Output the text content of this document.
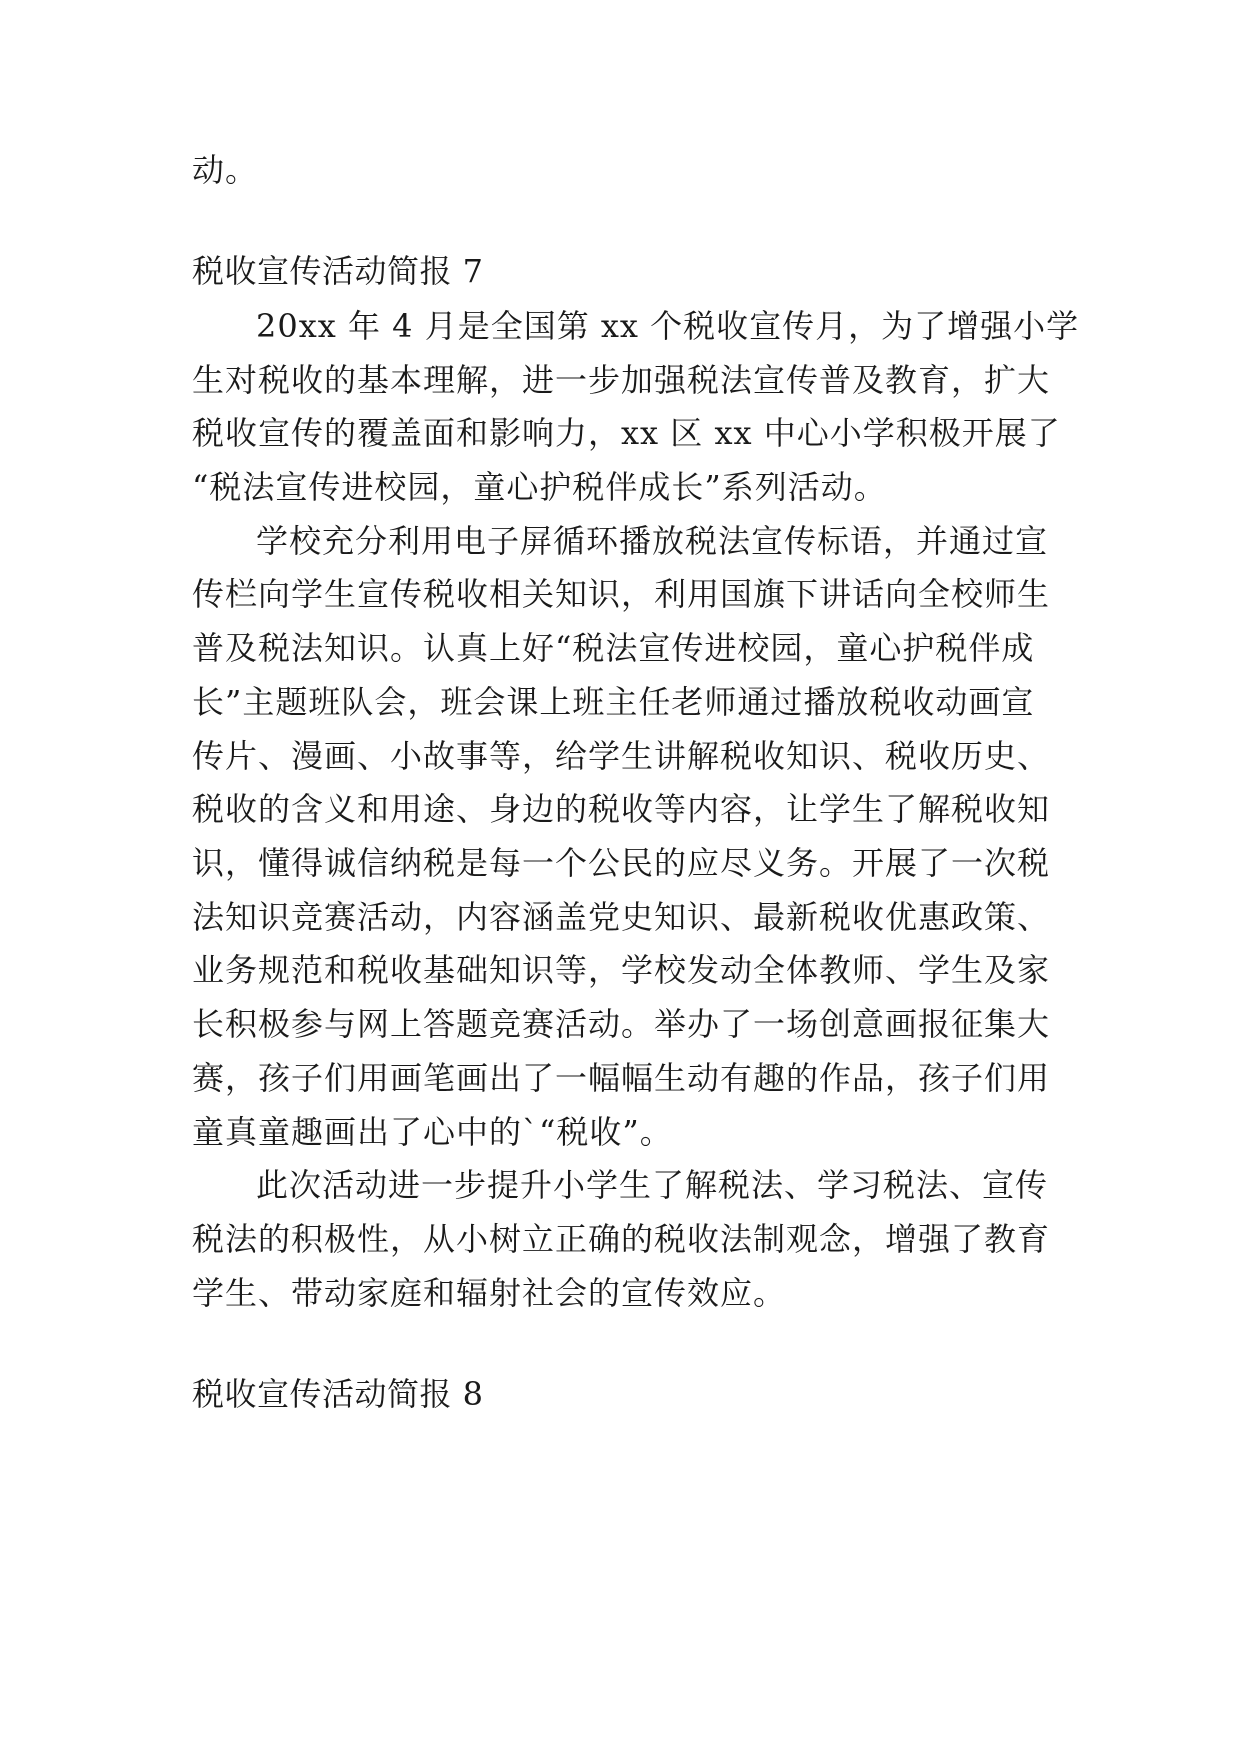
动。
税收宣传活动简报 7
20xx 年 4 月是全国第 xx 个税收宣传月，为了增强小学
生对税收的基本理解，进一步加强税法宣传普及教育，扩大
税收宣传的覆盖面和影响力，xx 区 xx 中心小学积极开展了
“税法宣传进校园，童心护税伴成长”系列活动。
学校充分利用电子屏循环播放税法宣传标语，并通过宣
传栏向学生宣传税收相关知识，利用国旗下讲话向全校师生
普及税法知识。认真上好“税法宣传进校园，童心护税伴成
长”主题班队会，班会课上班主任老师通过播放税收动画宣
传片、漫画、小故事等，给学生讲解税收知识、税收历史、
税收的含义和用途、身边的税收等内容，让学生了解税收知
识，懂得诚信纳税是每一个公民的应尽义务。开展了一次税
法知识竞赛活动，内容涵盖党史知识、最新税收优惠政策、
业务规范和税收基础知识等，学校发动全体教师、学生及家
长积极参与网上答题竞赛活动。举办了一场创意画报征集大
赛，孩子们用画笔画出了一幅幅生动有趣的作品，孩子们用
童真童趣画出了心中的`“税收”。
此次活动进一步提升小学生了解税法、学习税法、宣传
税法的积极性，从小树立正确的税收法制观念，增强了教育
学生、带动家庭和辐射社会的宣传效应。
税收宣传活动简报 8
